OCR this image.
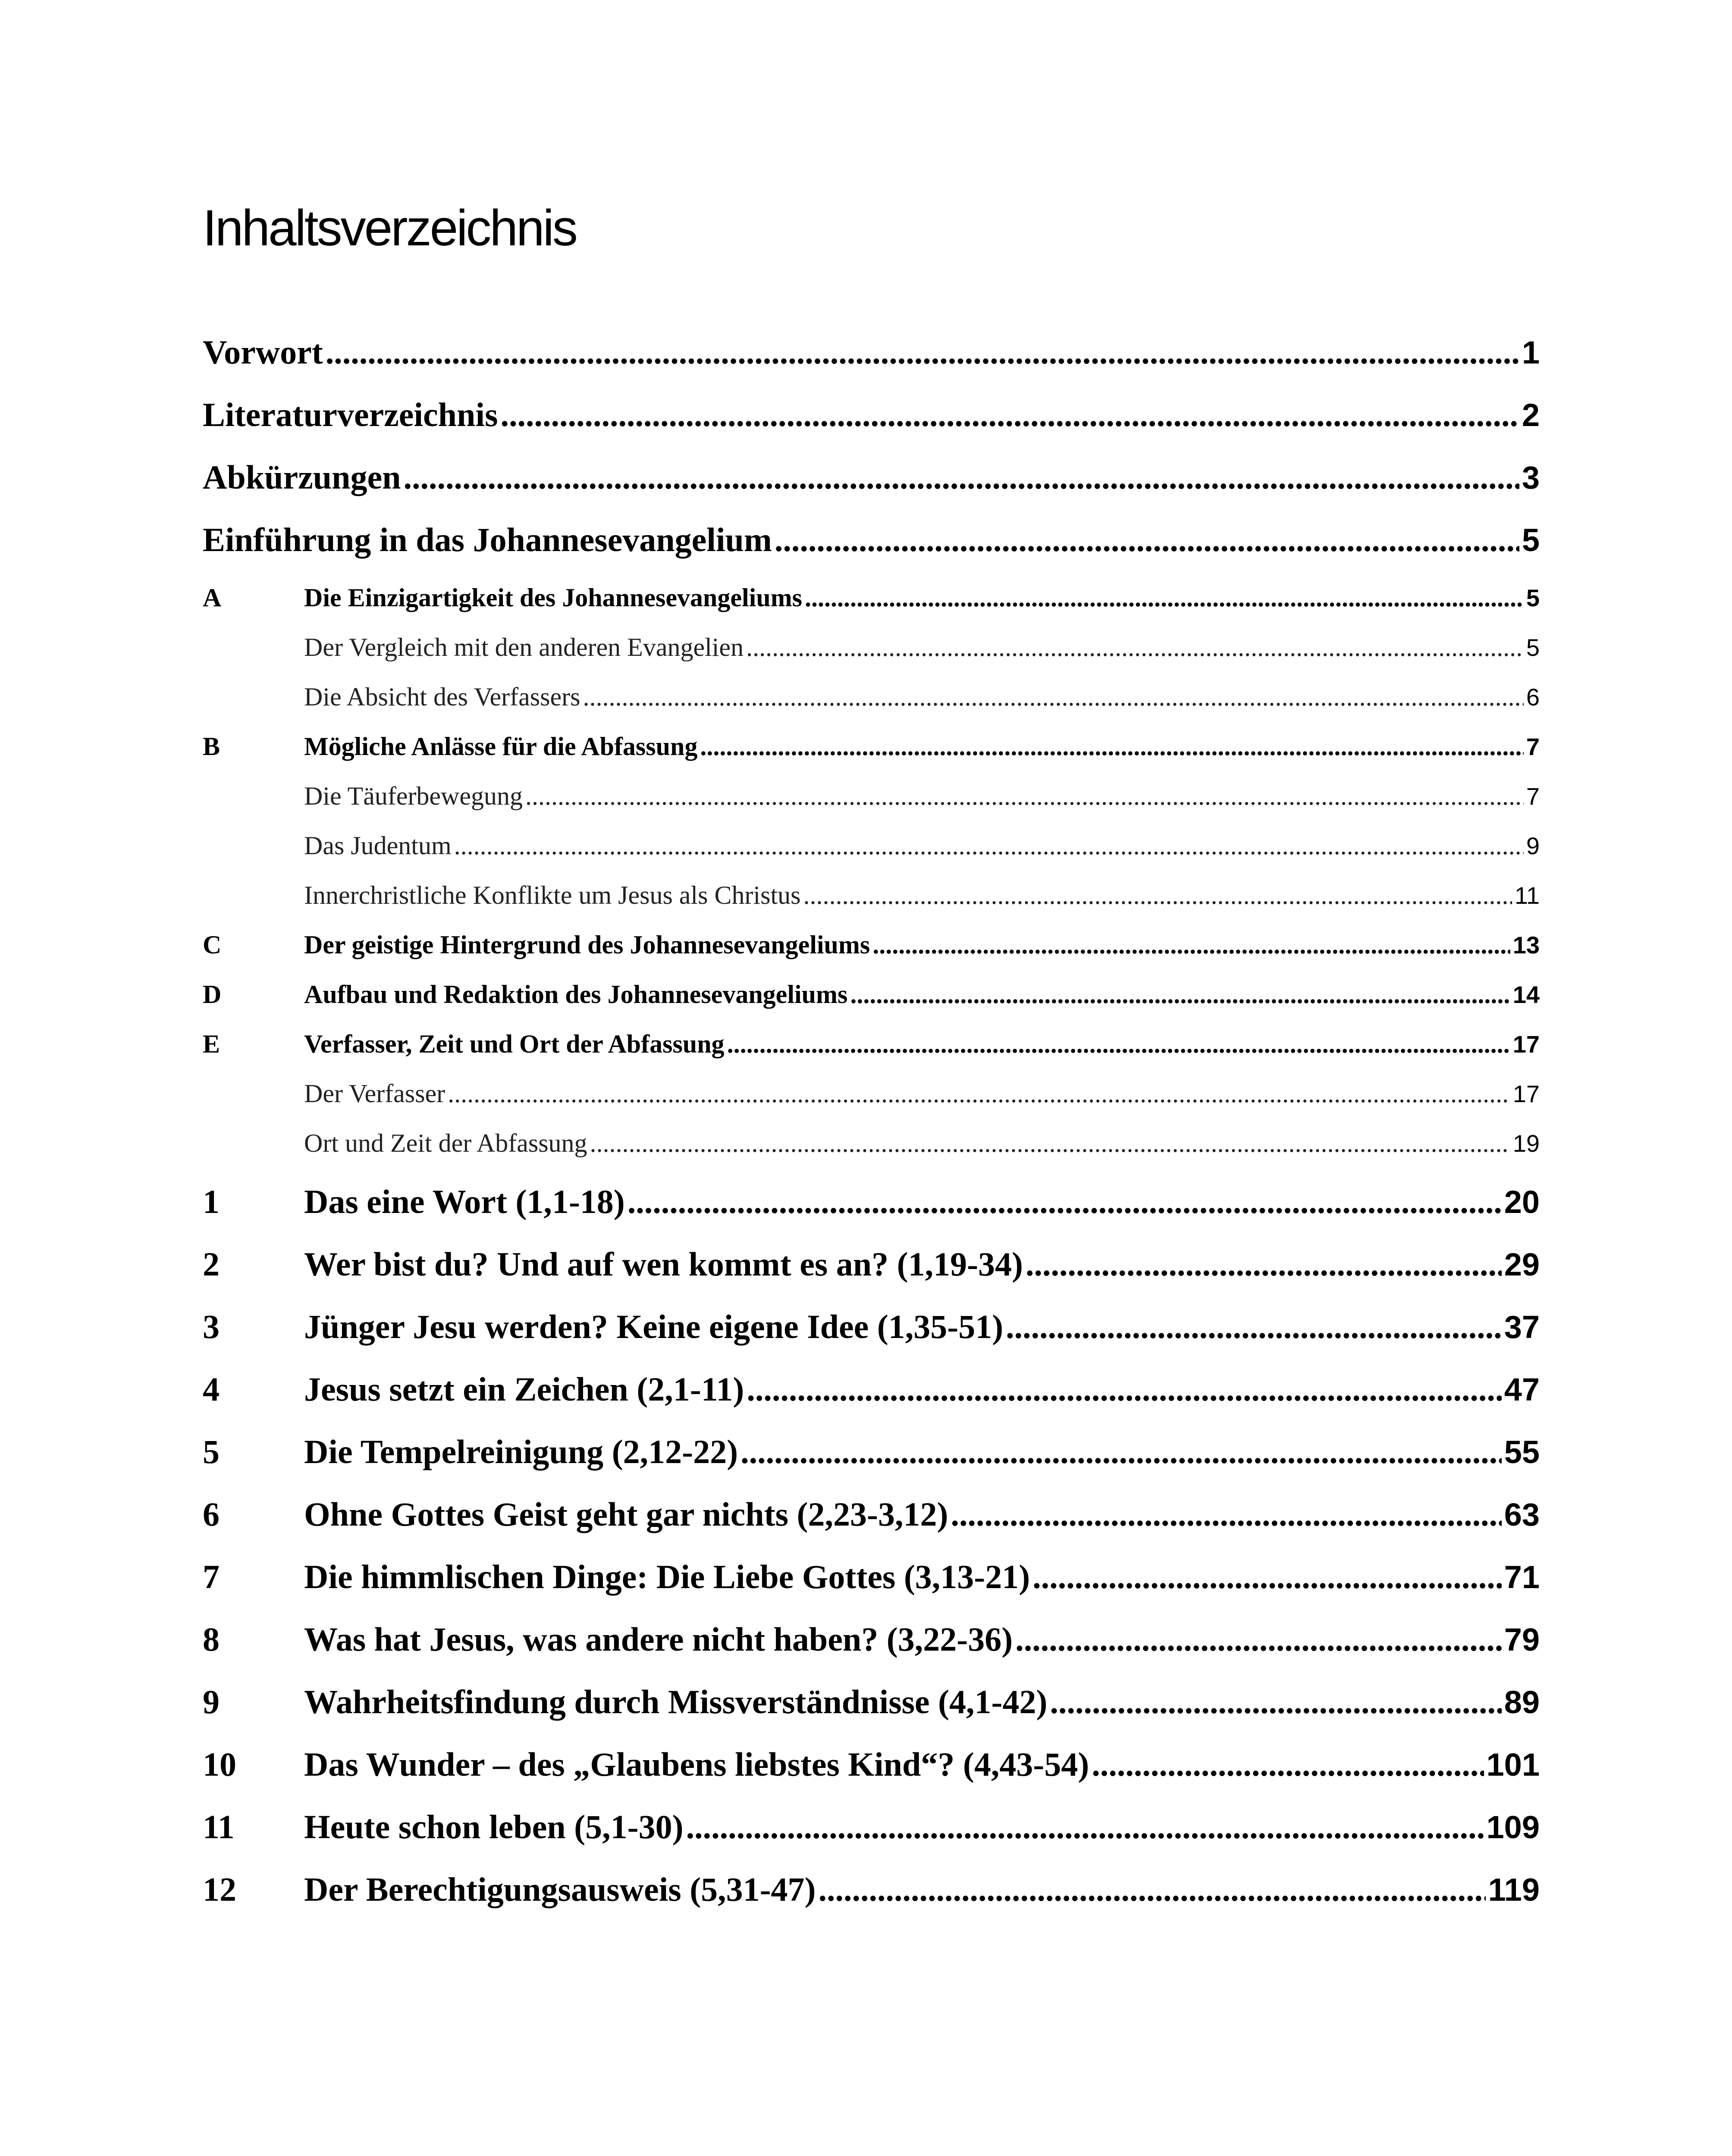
Inhaltsverzeichnis
Vorwort .....	1
Literaturverzeichnis .....	2
Abkürzungen .....	3
Einführung in das Johannesevangelium .....	5
A	Die Einzigartigkeit des Johannesevangeliums .....	5
Der Vergleich mit den anderen Evangelien .....	5
Die Absicht des Verfassers .....	6
B	Mögliche Anlässe für die Abfassung .....	7
Die Täuferbewegung .....	7
Das Judentum .....	9
Innerchristliche Konflikte um Jesus als Christus .....	11
C	Der geistige Hintergrund des Johannesevangeliums .....	13
D	Aufbau und Redaktion des Johannesevangeliums .....	14
E	Verfasser, Zeit und Ort der Abfassung .....	17
Der Verfasser .....	17
Ort und Zeit der Abfassung .....	19
1	Das eine Wort (1,1-18) .....	20
2	Wer bist du? Und auf wen kommt es an? (1,19-34) .....	29
3	Jünger Jesu werden? Keine eigene Idee (1,35-51) .....	37
4	Jesus setzt ein Zeichen (2,1-11) .....	47
5	Die Tempelreinigung (2,12-22) .....	55
6	Ohne Gottes Geist geht gar nichts (2,23-3,12) .....	63
7	Die himmlischen Dinge: Die Liebe Gottes (3,13-21) .....	71
8	Was hat Jesus, was andere nicht haben? (3,22-36) .....	79
9	Wahrheitsfindung durch Missverständnisse (4,1-42) .....	89
10	Das Wunder – des „Glaubens liebstes Kind“? (4,43-54) .....	101
11	Heute schon leben (5,1-30) .....	109
12	Der Berechtigungsausweis (5,31-47) .....	119
